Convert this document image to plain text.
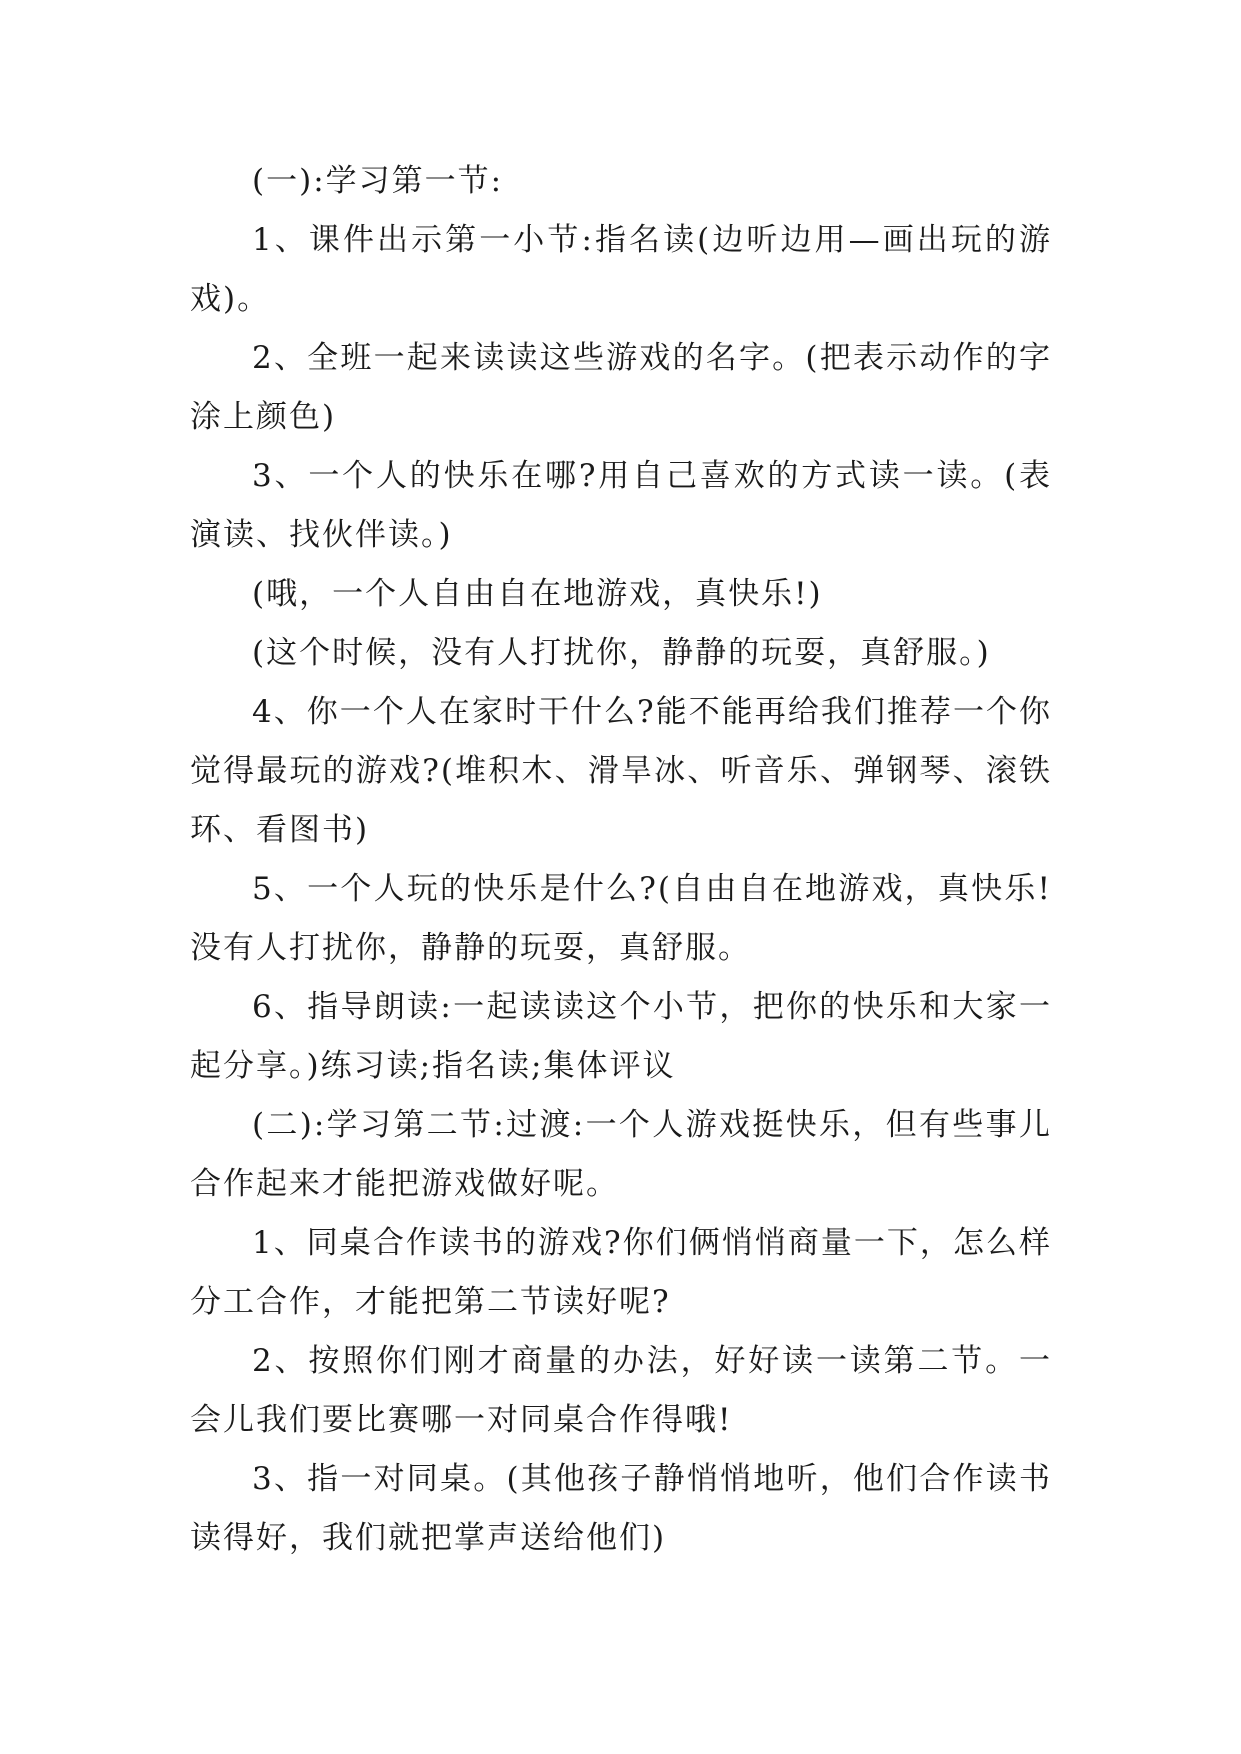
(一):学习第一节:

1、课件出示第一小节:指名读(边听边用—画出玩的游戏)。

2、全班一起来读读这些游戏的名字。(把表示动作的字涂上颜色)

3、一个人的快乐在哪?用自己喜欢的方式读一读。(表演读、找伙伴读。)

(哦，一个人自由自在地游戏，真快乐!)

(这个时候，没有人打扰你，静静的玩耍，真舒服。)

4、你一个人在家时干什么?能不能再给我们推荐一个你觉得最玩的游戏?(堆积木、滑旱冰、听音乐、弹钢琴、滚铁环、看图书)

5、一个人玩的快乐是什么?(自由自在地游戏，真快乐!没有人打扰你，静静的玩耍，真舒服。

6、指导朗读:一起读读这个小节，把你的快乐和大家一起分享。)练习读;指名读;集体评议

(二):学习第二节:过渡:一个人游戏挺快乐，但有些事儿合作起来才能把游戏做好呢。

1、同桌合作读书的游戏?你们俩悄悄商量一下，怎么样分工合作，才能把第二节读好呢?

2、按照你们刚才商量的办法，好好读一读第二节。一会儿我们要比赛哪一对同桌合作得哦!

3、指一对同桌。(其他孩子静悄悄地听，他们合作读书读得好，我们就把掌声送给他们)
